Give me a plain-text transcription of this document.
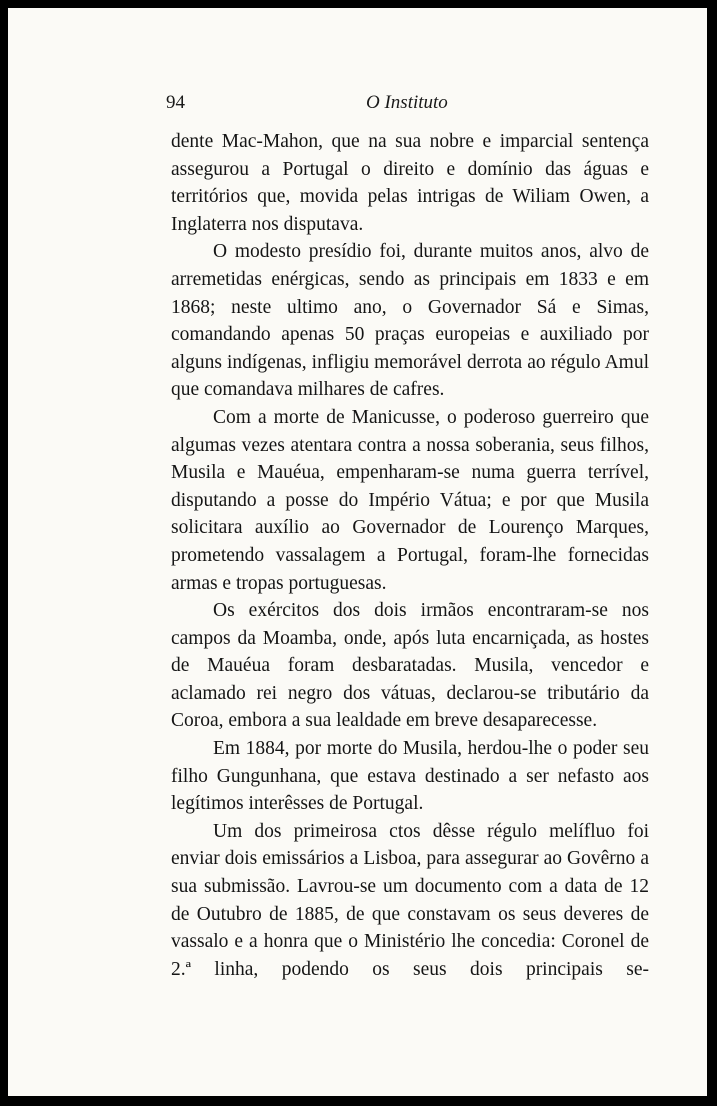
94	O Instituto

dente Mac-Mahon, que na sua nobre e imparcial sentença assegurou a Portugal o direito e domínio das águas e territórios que, movida pelas intrigas de Wiliam Owen, a Inglaterra nos disputava.

O modesto presídio foi, durante muitos anos, alvo de arremetidas enérgicas, sendo as principais em 1833 e em 1868; neste ultimo ano, o Governador Sá e Simas, comandando apenas 50 praças europeias e auxiliado por alguns indígenas, infligiu memorável derrota ao régulo Amul que comandava milhares de cafres.

Com a morte de Manicusse, o poderoso guerreiro que algumas vezes atentara contra a nossa soberania, seus filhos, Musila e Mauéua, empenharam-se numa guerra terrível, disputando a posse do Império Vátua; e por que Musila solicitara auxílio ao Governador de Lourenço Marques, prometendo vassalagem a Portugal, foram-lhe fornecidas armas e tropas portuguesas.

Os exércitos dos dois irmãos encontraram-se nos campos da Moamba, onde, após luta encarniçada, as hostes de Mauéua foram desbaratadas. Musila, vencedor e aclamado rei negro dos vátuas, declarou-se tributário da Coroa, embora a sua lealdade em breve desaparecesse.

Em 1884, por morte do Musila, herdou-lhe o poder seu filho Gungunhana, que estava destinado a ser nefasto aos legítimos interêsses de Portugal.

Um dos primeirosa ctos dêsse régulo melífluo foi enviar dois emissários a Lisboa, para assegurar ao Govêrno a sua submissão. Lavrou-se um documento com a data de 12 de Outubro de 1885, de que constavam os seus deveres de vassalo e a honra que o Ministério lhe concedia: Coronel de 2.ª linha, podendo os seus dois principais se-
